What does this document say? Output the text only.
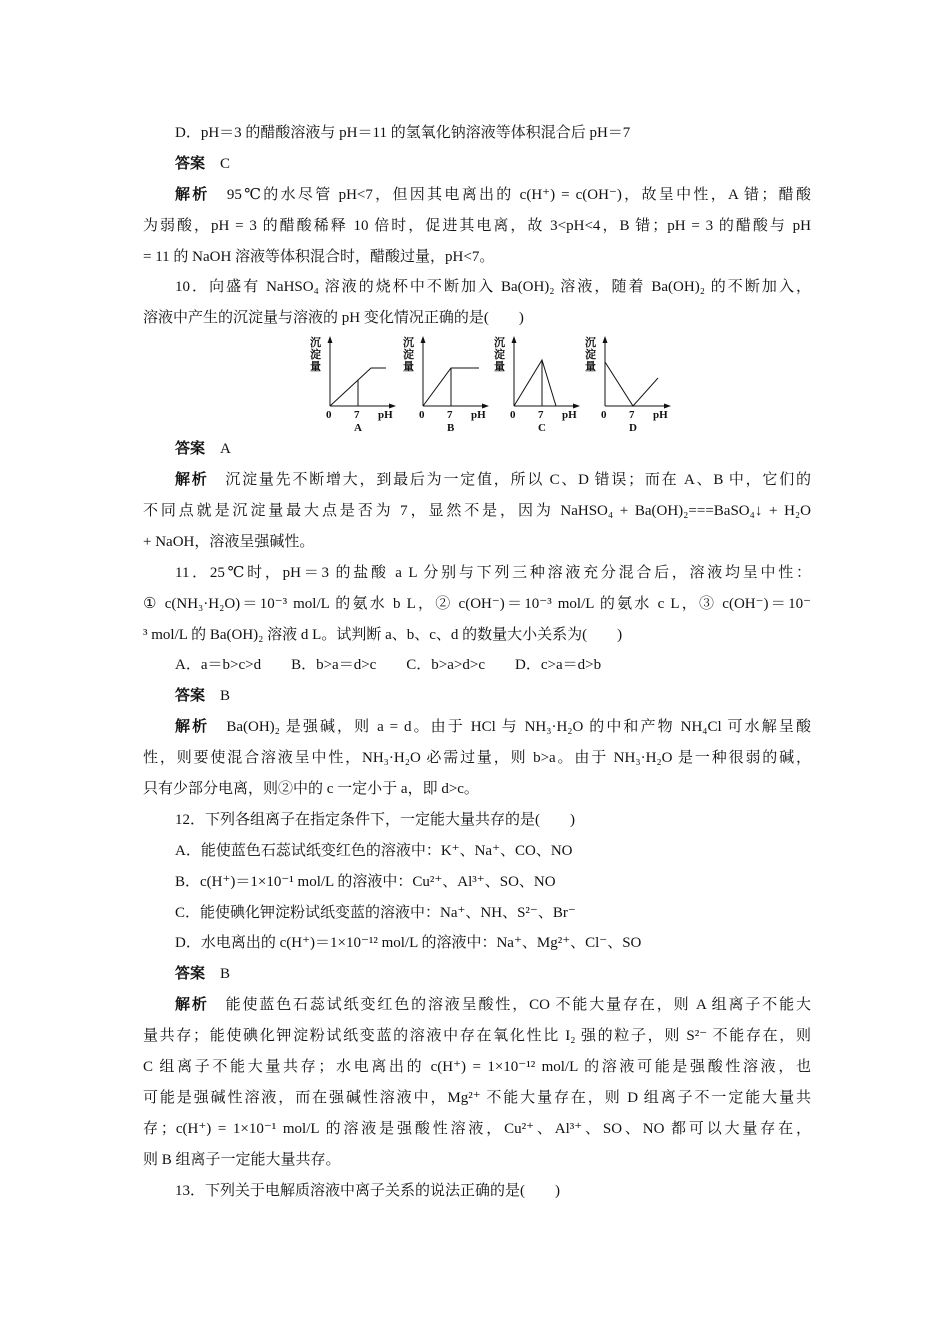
D．pH＝3 的醋酸溶液与 pH＝11 的氢氧化钠溶液等体积混合后 pH＝7
答案　 C
解析　 95℃的水尽管 pH<7，但因其电离出的 c(H⁺) = c(OH⁻)，故呈中性，A 错；醋酸
为弱酸，pH = 3 的醋酸稀释 10 倍时，促进其电离，故 3<pH<4，B 错；pH = 3 的醋酸与 pH
= 11 的 NaOH 溶液等体积混合时，醋酸过量，pH<7。
10．向盛有 NaHSO₄ 溶液的烧杯中不断加入 Ba(OH)₂ 溶液，随着 Ba(OH)₂ 的不断加入，
溶液中产生的沉淀量与溶液的 pH 变化情况正确的是(　　)
沉
淀
量
0 7 pH
A
沉
淀
量
0 7 pH
B
沉
淀
量
0 7 pH
C
沉
淀
量
0 7 pH
D
答案　 A
解析　 沉淀量先不断增大，到最后为一定值，所以 C、D 错误；而在 A、B 中，它们的
不同点就是沉淀量最大点是否为 7，显然不是，因为 NaHSO₄ + Ba(OH)₂===BaSO₄↓ + H₂O
+ NaOH，溶液呈强碱性。
11．25℃时，pH＝3 的盐酸 a L 分别与下列三种溶液充分混合后，溶液均呈中性：
① c(NH₃·H₂O)＝10⁻³ mol/L 的氨水 b L，② c(OH⁻)＝10⁻³ mol/L 的氨水 c L，③ c(OH⁻)＝10⁻
³ mol/L 的 Ba(OH)₂ 溶液 d L。试判断 a、b、c、d 的数量大小关系为(　　)
A．a＝b>c>d　　B．b>a＝d>c　　C．b>a>d>c　　D．c>a＝d>b
答案　 B
解析　 Ba(OH)₂ 是强碱，则 a = d。由于 HCl 与 NH₃·H₂O 的中和产物 NH₄Cl 可水解呈酸
性，则要使混合溶液呈中性，NH₃·H₂O 必需过量，则 b>a。由于 NH₃·H₂O 是一种很弱的碱，
只有少部分电离，则②中的 c 一定小于 a，即 d>c。
12．下列各组离子在指定条件下，一定能大量共存的是(　　)
A．能使蓝色石蕊试纸变红色的溶液中：K⁺、Na⁺、CO、NO
B．c(H⁺)＝1×10⁻¹ mol/L 的溶液中：Cu²⁺、Al³⁺、SO、NO
C．能使碘化钾淀粉试纸变蓝的溶液中：Na⁺、NH、S²⁻、Br⁻
D．水电离出的 c(H⁺)＝1×10⁻¹² mol/L 的溶液中：Na⁺、Mg²⁺、Cl⁻、SO
答案　 B
解析　 能使蓝色石蕊试纸变红色的溶液呈酸性，CO 不能大量存在，则 A 组离子不能大
量共存；能使碘化钾淀粉试纸变蓝的溶液中存在氧化性比 I₂ 强的粒子，则 S²⁻ 不能存在，则
C 组离子不能大量共存；水电离出的 c(H⁺) = 1×10⁻¹² mol/L 的溶液可能是强酸性溶液，也
可能是强碱性溶液，而在强碱性溶液中，Mg²⁺ 不能大量存在，则 D 组离子不一定能大量共
存；c(H⁺) = 1×10⁻¹ mol/L 的溶液是强酸性溶液，Cu²⁺、Al³⁺、SO、NO 都可以大量存在，
则 B 组离子一定能大量共存。
13．下列关于电解质溶液中离子关系的说法正确的是(　　)
